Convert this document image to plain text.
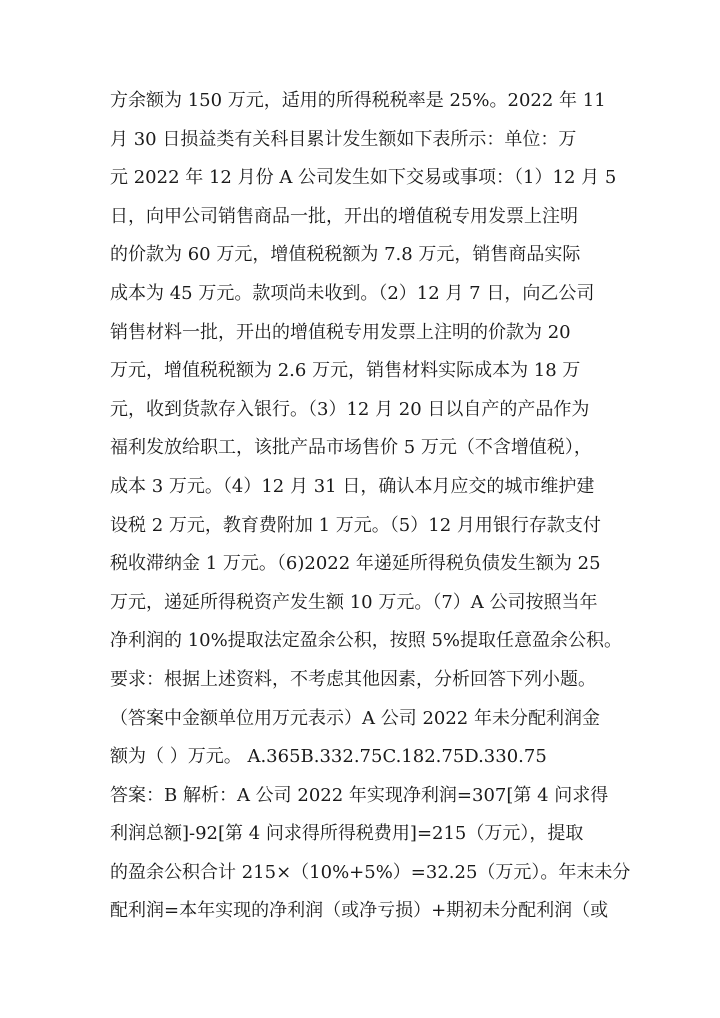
方余额为 150 万元，适用的所得税税率是 25%。2022 年 11
月 30 日损益类有关科目累计发生额如下表所示：单位：万
元 2022 年 12 月份 A 公司发生如下交易或事项：（1）12 月 5
日，向甲公司销售商品一批，开出的增值税专用发票上注明
的价款为 60 万元，增值税税额为 7.8 万元，销售商品实际
成本为 45 万元。款项尚未收到。（2）12 月 7 日，向乙公司
销售材料一批，开出的增值税专用发票上注明的价款为 20
万元，增值税税额为 2.6 万元，销售材料实际成本为 18 万
元，收到货款存入银行。（3）12 月 20 日以自产的产品作为
福利发放给职工，该批产品市场售价 5 万元（不含增值税），
成本 3 万元。（4）12 月 31 日，确认本月应交的城市维护建
设税 2 万元，教育费附加 1 万元。（5）12 月用银行存款支付
税收滞纳金 1 万元。（6)2022 年递延所得税负债发生额为 25
万元，递延所得税资产发生额 10 万元。（7）A 公司按照当年
净利润的 10%提取法定盈余公积，按照 5%提取任意盈余公积。
要求：根据上述资料，不考虑其他因素，分析回答下列小题。
（答案中金额单位用万元表示）A 公司 2022 年未分配利润金
额为（ ）万元。 A.365B.332.75C.182.75D.330.75
答案：B 解析：A 公司 2022 年实现净利润=307[第 4 问求得
利润总额]-92[第 4 问求得所得税费用]=215（万元），提取
的盈余公积合计 215×（10%+5%）=32.25（万元）。年末未分
配利润=本年实现的净利润（或净亏损）+期初未分配利润（或
